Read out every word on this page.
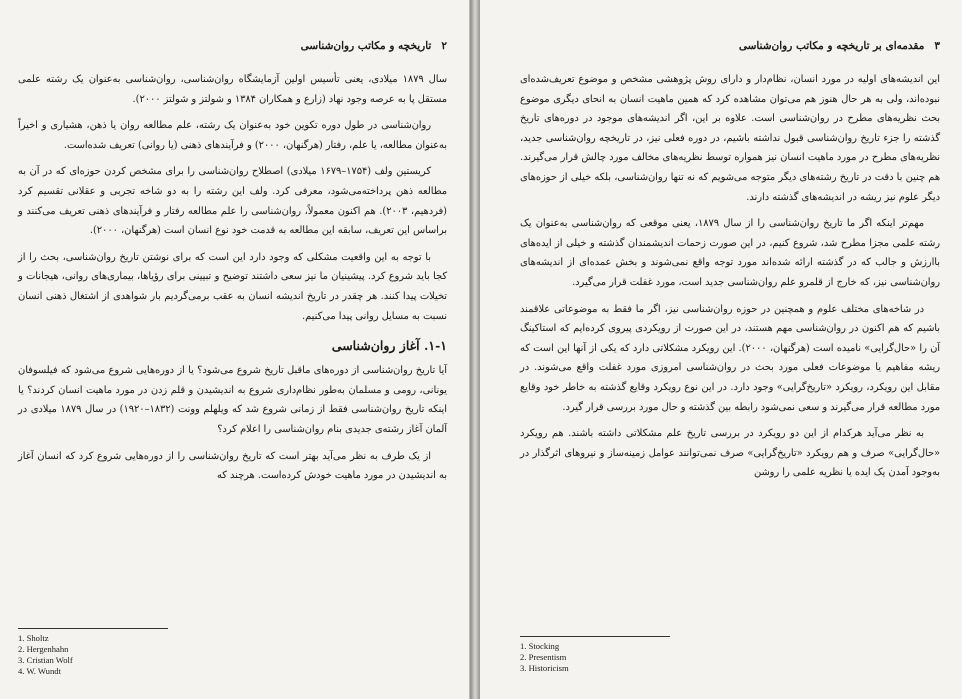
۲
تاریخچه و مکاتب روان‌شناسی

سال ۱۸۷۹ میلادی، یعنی تأسیس اولین آزمایشگاه روان‌شناسی، روان‌شناسی به‌عنوان یک رشته علمی مستقل پا به عرصه وجود نهاد (زارع و همکاران ۱۳۸۴ و شولتز و شولتز ۲۰۰۰).

روان‌شناسی در طول دوره تکوین خود به‌عنوان یک رشته، علم مطالعه روان یا ذهن، هشیاری و اخیراً به‌عنوان مطالعه، یا علم، رفتار (هرگنهان، ۲۰۰۰) و فرآیندهای ذهنی (یا روانی) تعریف شده‌است.

کریستین ولف (۱۷۵۴–۱۶۷۹ میلادی) اصطلاح روان‌شناسی را برای مشخص کردن حوزه‌ای که در آن به مطالعه ذهن پرداخته‌می‌شود، معرفی کرد. ولف این رشته را به دو شاخه تجربی و عقلانی تقسیم کرد (فردهیم، ۲۰۰۳). هم اکنون معمولاً، روان‌شناسی را علم مطالعه رفتار و فرآیندهای ذهنی تعریف می‌کنند و براساس این تعریف، سابقه این مطالعه به قدمت خود نوع انسان است (هرگنهان، ۲۰۰۰).

با توجه به این واقعیت مشکلی که وجود دارد این است که برای نوشتن تاریخ روان‌شناسی، بحث را از کجا باید شروع کرد. پیشینیان ما نیز سعی داشتند توضیح و تبیینی برای رؤیاها، بیماری‌های روانی، هیجانات و تخیلات پیدا کنند. هر چقدر در تاریخ اندیشه انسان به عقب برمی‌گردیم بار شواهدی از اشتغال ذهنی انسان نسبت به مسایل روانی پیدا می‌کنیم.

۱-۱. آغاز روان‌شناسی

آیا تاریخ روان‌شناسی از دوره‌های ماقبل تاریخ شروع می‌شود؟ یا از دوره‌هایی شروع می‌شود که فیلسوفان یونانی، رومی و مسلمان به‌طور نظام‌داری شروع به اندیشیدن و قلم زدن در مورد ماهیت انسان کردند؟ یا اینکه تاریخ روان‌شناسی فقط از زمانی شروع شد که ویلهلم وونت (۱۸۳۲–۱۹۲۰) در سال ۱۸۷۹ میلادی در آلمان آغاز رشته‌ی جدیدی بنام روان‌شناسی را اعلام کرد؟

از یک طرف به نظر می‌آید بهتر است که تاریخ روان‌شناسی را از دوره‌هایی شروع کرد که انسان آغاز به اندیشیدن در مورد ماهیت خودش کرده‌است. هرچند که

1. Sholtz
2. Hergenhahn
3. Cristian Wolf
4. W. Wundt
۳
مقدمه‌ای بر تاریخچه و مکاتب روان‌شناسی

این اندیشه‌های اولیه در مورد انسان، نظام‌دار و دارای روش پژوهشی مشخص و موضوع تعریف‌شده‌ای نبوده‌اند، ولی به هر حال هنوز هم می‌توان مشاهده کرد که همین ماهیت انسان به انحای دیگری موضوع بحث نظریه‌های مطرح در روان‌شناسی است. علاوه بر این، اگر اندیشه‌های موجود در دوره‌های تاریخ گذشته را جزء تاریخ روان‌شناسی قبول نداشته باشیم، در دوره فعلی نیز، در تاریخچه روان‌شناسی جدید، نظریه‌های مطرح در مورد ماهیت انسان نیز همواره توسط نظریه‌های مخالف مورد چالش قرار می‌گیرند. هم چنین با دقت در تاریخ رشته‌های دیگر متوجه می‌شویم که نه تنها روان‌شناسی، بلکه خیلی از حوزه‌های دیگر علوم نیز ریشه در اندیشه‌های گذشته دارند.

مهم‌تر اینکه اگر ما تاریخ روان‌شناسی را از سال ۱۸۷۹، یعنی موقعی که روان‌شناسی به‌عنوان یک رشته علمی مجزا مطرح شد، شروع کنیم، در این صورت زحمات اندیشمندان گذشته و خیلی از ایده‌های باارزش و جالب که در گذشته ارائه شده‌اند مورد توجه واقع نمی‌شوند و بخش عمده‌ای از اندیشه‌های روان‌شناسی نیز، که خارج از قلمرو علم روان‌شناسی جدید است، مورد غفلت قرار می‌گیرد.

در شاخه‌های مختلف علوم و همچنین در حوزه روان‌شناسی نیز، اگر ما فقط به موضوعاتی علاقمند باشیم که هم اکنون در روان‌شناسی مهم هستند، در این صورت از رویکردی پیروی کرده‌ایم که استاکینگ آن را «حال‌گرایی» نامیده است (هرگنهان، ۲۰۰۰). این رویکرد مشکلاتی دارد که یکی از آنها این است که ریشه مفاهیم یا موضوعات فعلی مورد بحث در روان‌شناسی امروزی مورد غفلت واقع می‌شوند. در مقابل این رویکرد، رویکرد «تاریخ‌گرایی» وجود دارد. در این نوع رویکرد وقایع گذشته به خاطر خود وقایع مورد مطالعه قرار می‌گیرند و سعی نمی‌شود رابطه بین گذشته و حال مورد بررسی قرار گیرد.

به نظر می‌آید هرکدام از این دو رویکرد در بررسی تاریخ علم مشکلاتی داشته باشند. هم رویکرد «حال‌گرایی» صرف و هم رویکرد «تاریخ‌گرایی» صرف نمی‌توانند عوامل زمینه‌ساز و نیروهای اثرگذار در به‌وجود آمدن یک ایده یا نظریه علمی را روشن

1. Stocking
2. Presentism
3. Historicism
